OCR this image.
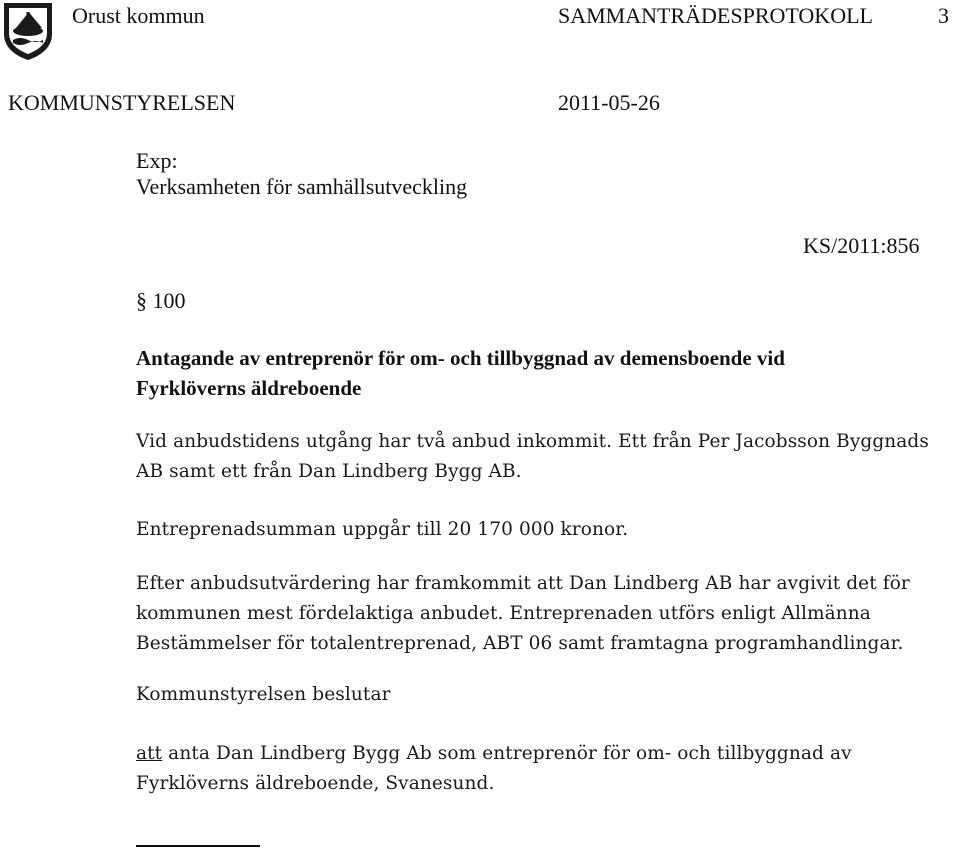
Orust kommun	SAMMANTRÄDESPROTOKOLL	3
KOMMUNSTYRELSEN	2011-05-26
Exp:
Verksamheten för samhällsutveckling
KS/2011:856
§ 100
Antagande av entreprenör för om- och tillbyggnad av demensboende vid
Fyrklöverns äldreboende
Vid anbudstidens utgång har två anbud inkommit. Ett från Per Jacobsson Byggnads
AB samt ett från Dan Lindberg Bygg AB.
Entreprenadsumman uppgår till 20 170 000 kronor.
Efter anbudsutvärdering har framkommit att Dan Lindberg AB har avgivit det för
kommunen mest fördelaktiga anbudet. Entreprenaden utförs enligt Allmänna
Bestämmelser för totalentreprenad, ABT 06 samt framtagna programhandlingar.
Kommunstyrelsen beslutar
att anta Dan Lindberg Bygg Ab som entreprenör för om- och tillbyggnad av
Fyrklöverns äldreboende, Svanesund.
